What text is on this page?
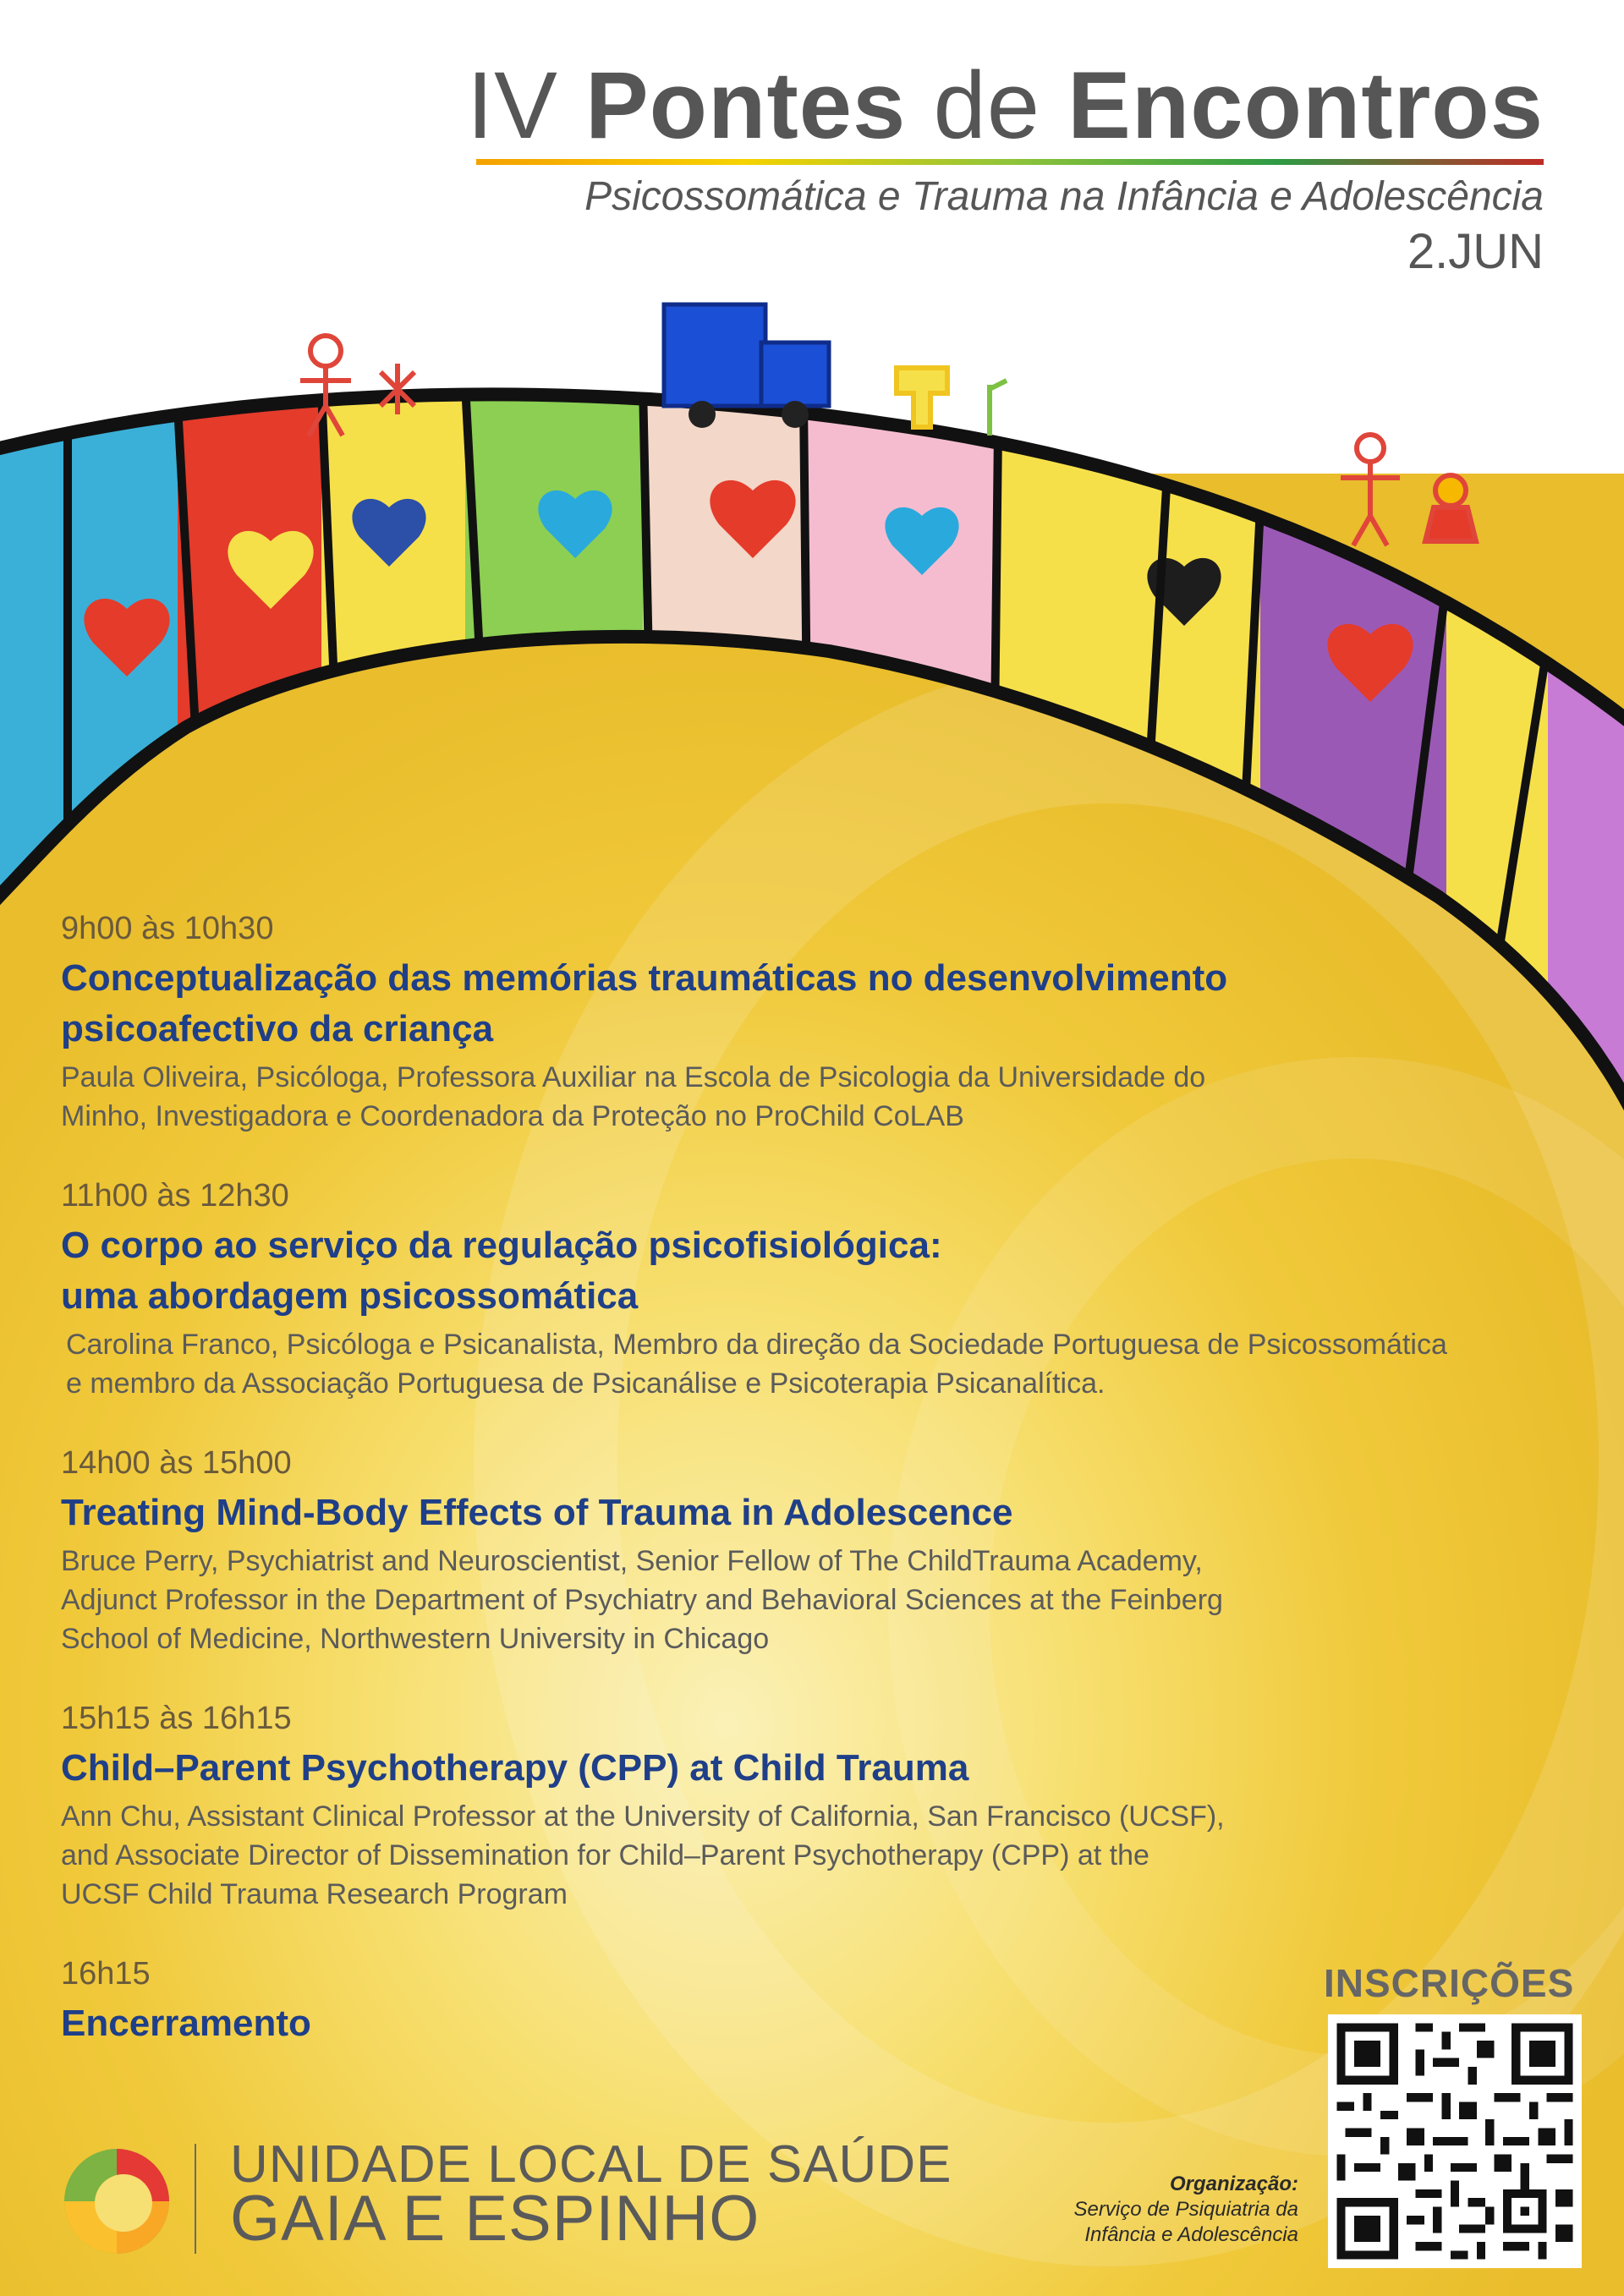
IV Pontes de Encontros
Psicossomática e Trauma na Infância e Adolescência
2.JUN
9h00 às 10h30
Conceptualização das memórias traumáticas no desenvolvimento
psicoafectivo da criança
Paula Oliveira, Psicóloga, Professora Auxiliar na Escola de Psicologia da Universidade do
Minho, Investigadora e Coordenadora da Proteção no ProChild CoLAB
11h00 às 12h30
O corpo ao serviço da regulação psicofisiológica:
uma abordagem psicossomática
Carolina Franco, Psicóloga e Psicanalista, Membro da direção da Sociedade Portuguesa de Psicossomática
e membro da Associação Portuguesa de Psicanálise e Psicoterapia Psicanalítica.
14h00 às 15h00
Treating Mind-Body Effects of Trauma in Adolescence
Bruce Perry, Psychiatrist and Neuroscientist, Senior Fellow of The ChildTrauma Academy,
Adjunct Professor in the Department of Psychiatry and Behavioral Sciences at the Feinberg
School of Medicine, Northwestern University in Chicago
15h15 às 16h15
Child–Parent Psychotherapy (CPP) at Child Trauma
Ann Chu, Assistant Clinical Professor at the University of California, San Francisco (UCSF),
and Associate Director of Dissemination for Child–Parent Psychotherapy (CPP) at the
UCSF Child Trauma Research Program
16h15
Encerramento
INSCRIÇÕES
Organização:
Serviço de Psiquiatria da
Infância e Adolescência
UNIDADE LOCAL DE SAÚDE
GAIA E ESPINHO
